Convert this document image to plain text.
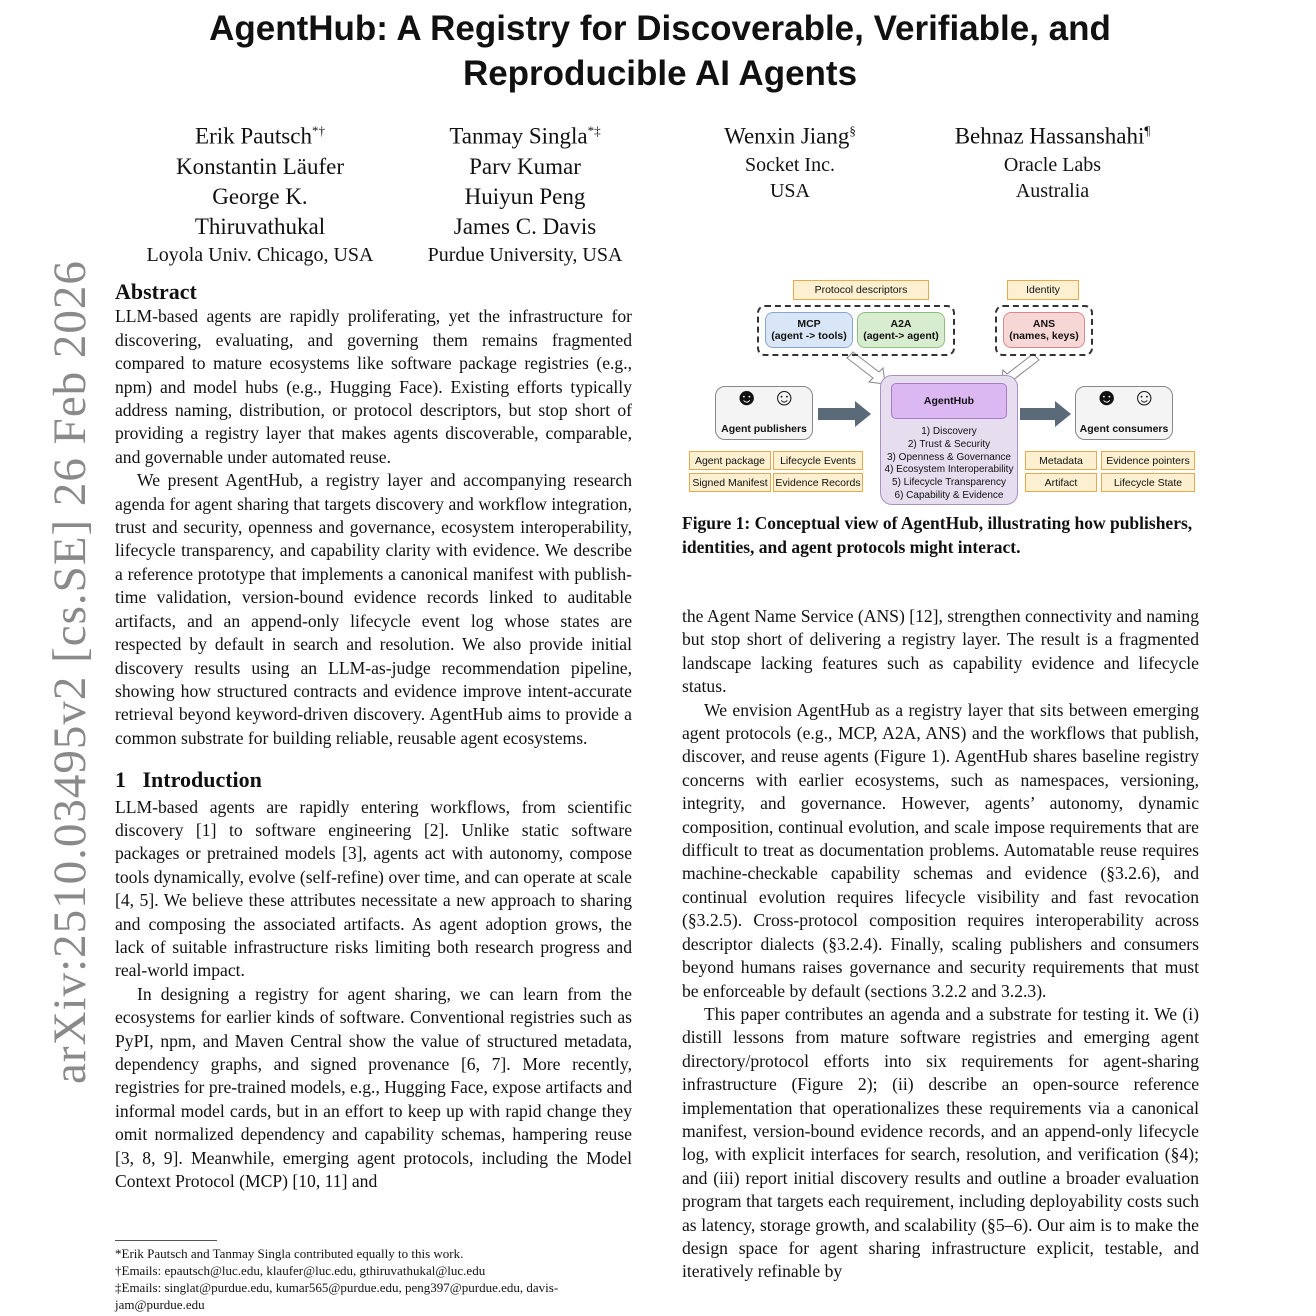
AgentHub: A Registry for Discoverable, Verifiable, and
Reproducible AI Agents
arXiv:2510.03495v2 [cs.SE] 26 Feb 2026
Erik Pautsch*†
Konstantin Läufer
George K.
Thiruvathukal
Loyola Univ. Chicago, USA
Tanmay Singla*‡
Parv Kumar
Huiyun Peng
James C. Davis
Purdue University, USA
Wenxin Jiang§
Socket Inc.
USA
Behnaz Hassanshahi¶
Oracle Labs
Australia
Abstract

LLM-based agents are rapidly proliferating, yet the infrastructure for discovering, evaluating, and governing them remains fragmented compared to mature ecosystems like software package registries (e.g., npm) and model hubs (e.g., Hugging Face). Existing efforts typically address naming, distribution, or protocol descriptors, but stop short of providing a registry layer that makes agents discoverable, comparable, and governable under automated reuse.

We present AgentHub, a registry layer and accompanying research agenda for agent sharing that targets discovery and workflow integration, trust and security, openness and governance, ecosystem interoperability, lifecycle transparency, and capability clarity with evidence. We describe a reference prototype that implements a canonical manifest with publish-time validation, version-bound evidence records linked to auditable artifacts, and an append-only lifecycle event log whose states are respected by default in search and resolution. We also provide initial discovery results using an LLM-as-judge recommendation pipeline, showing how structured contracts and evidence improve intent-accurate retrieval beyond keyword-driven discovery. AgentHub aims to provide a common substrate for building reliable, reusable agent ecosystems.

1 Introduction

LLM-based agents are rapidly entering workflows, from scientific discovery [1] to software engineering [2]. Unlike static software packages or pretrained models [3], agents act with autonomy, compose tools dynamically, evolve (self-refine) over time, and can operate at scale [4, 5]. We believe these attributes necessitate a new approach to sharing and composing the associated artifacts. As agent adoption grows, the lack of suitable infrastructure risks limiting both research progress and real-world impact.

In designing a registry for agent sharing, we can learn from the ecosystems for earlier kinds of software. Conventional registries such as PyPI, npm, and Maven Central show the value of structured metadata, dependency graphs, and signed provenance [6, 7]. More recently, registries for pre-trained models, e.g., Hugging Face, expose artifacts and informal model cards, but in an effort to keep up with rapid change they omit normalized dependency and capability schemas, hampering reuse [3, 8, 9]. Meanwhile, emerging agent protocols, including the Model Context Protocol (MCP) [10, 11] and

*Erik Pautsch and Tanmay Singla contributed equally to this work.
†Emails: epautsch@luc.edu, klaufer@luc.edu, gthiruvathukal@luc.edu
‡Emails: singlat@purdue.edu, kumar565@purdue.edu, peng397@purdue.edu, davis-jam@purdue.edu
Protocol descriptors	Identity
MCP
(agent -> tools)
A2A
(agent-> agent)
ANS
(names, keys)
☻ ☺
Agent publishers
☻ ☺
Agent consumers
AgentHub
1) Discovery
2) Trust & Security
3) Openness & Governance
4) Ecosystem Interoperability
5) Lifecycle Transparency
6) Capability & Evidence
Agent package	Lifecycle Events
Signed Manifest Evidence Records
Metadata	Evidence pointers
Artifact	Lifecycle State
Figure 1: Conceptual view of AgentHub, illustrating how publishers, identities, and agent protocols might interact.

the Agent Name Service (ANS) [12], strengthen connectivity and naming but stop short of delivering a registry layer. The result is a fragmented landscape lacking features such as capability evidence and lifecycle status.

We envision AgentHub as a registry layer that sits between emerging agent protocols (e.g., MCP, A2A, ANS) and the workflows that publish, discover, and reuse agents (Figure 1). AgentHub shares baseline registry concerns with earlier ecosystems, such as namespaces, versioning, integrity, and governance. However, agents’ autonomy, dynamic composition, continual evolution, and scale impose requirements that are difficult to treat as documentation problems. Automatable reuse requires machine-checkable capability schemas and evidence (§3.2.6), and continual evolution requires lifecycle visibility and fast revocation (§3.2.5). Cross-protocol composition requires interoperability across descriptor dialects (§3.2.4). Finally, scaling publishers and consumers beyond humans raises governance and security requirements that must be enforceable by default (sections 3.2.2 and 3.2.3).

This paper contributes an agenda and a substrate for testing it. We (i) distill lessons from mature software registries and emerging agent directory/protocol efforts into six requirements for agent-sharing infrastructure (Figure 2); (ii) describe an open-source reference implementation that operationalizes these requirements via a canonical manifest, version-bound evidence records, and an append-only lifecycle log, with explicit interfaces for search, resolution, and verification (§4); and (iii) report initial discovery results and outline a broader evaluation program that targets each requirement, including deployability costs such as latency, storage growth, and scalability (§5–6). Our aim is to make the design space for agent sharing infrastructure explicit, testable, and iteratively refinable by
